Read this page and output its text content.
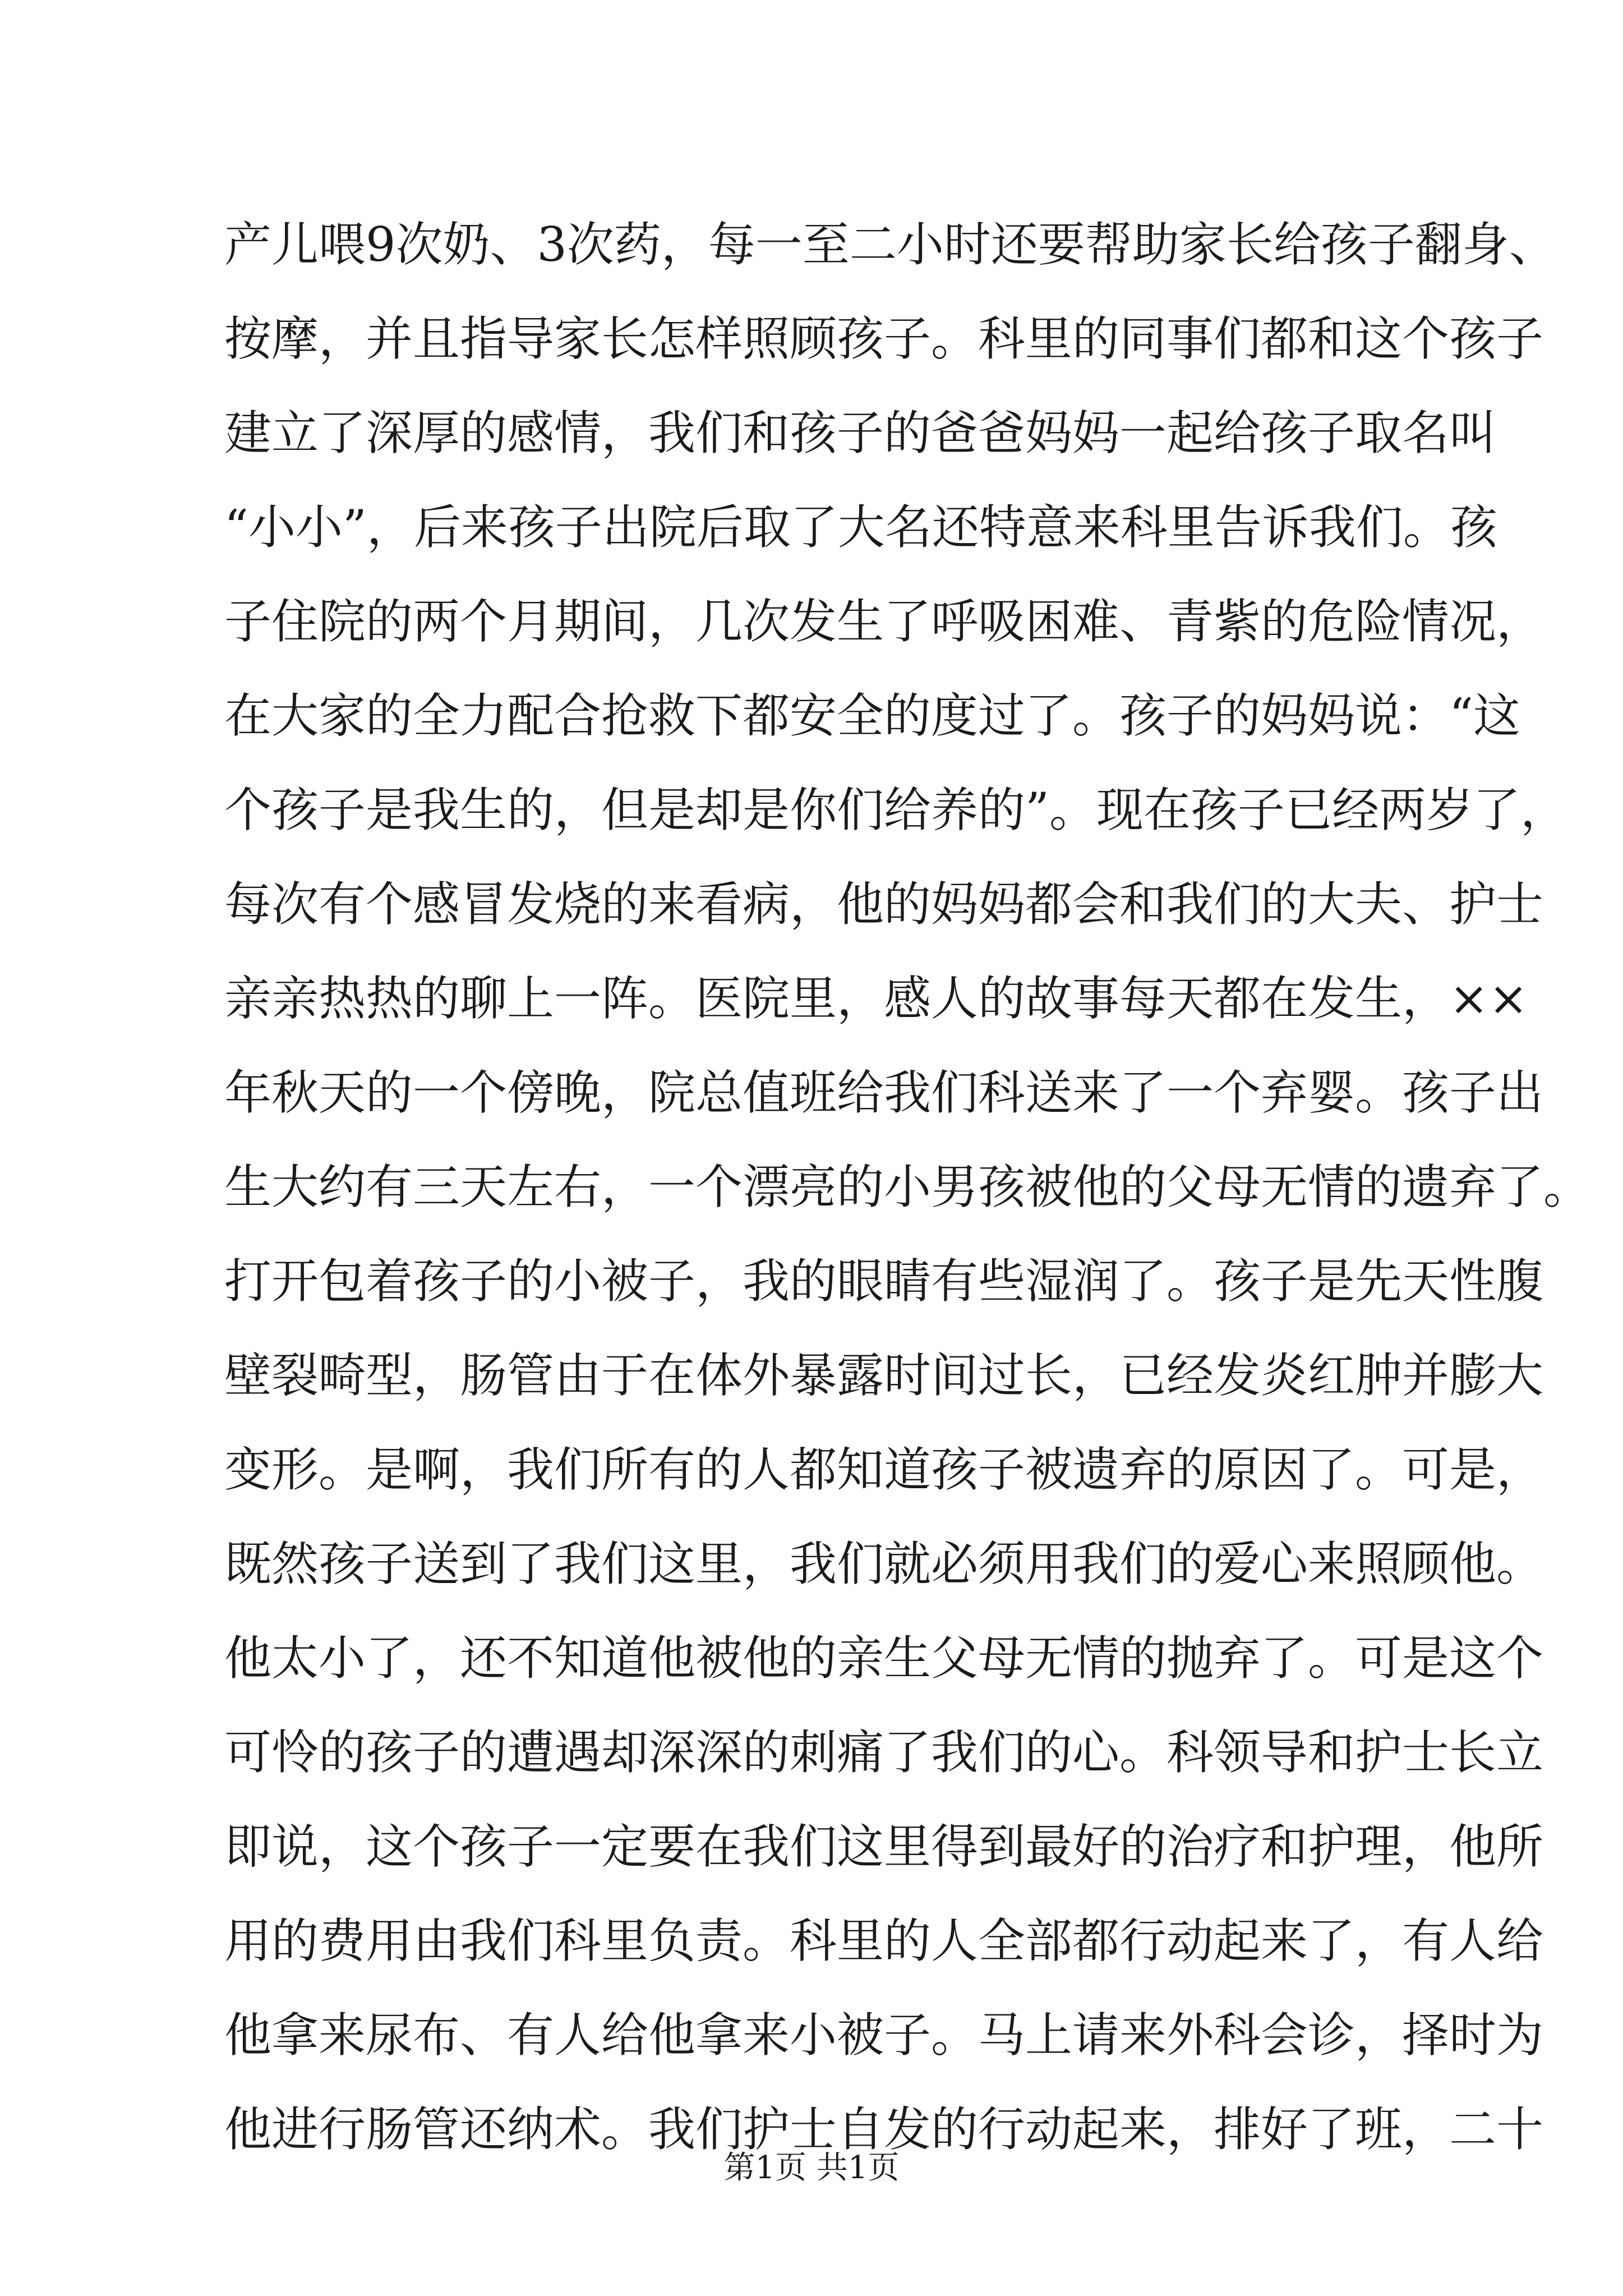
产儿喂9次奶、3次药，每一至二小时还要帮助家长给孩子翻身、
按摩，并且指导家长怎样照顾孩子。科里的同事们都和这个孩子
建立了深厚的感情，我们和孩子的爸爸妈妈一起给孩子取名叫
“小小”，后来孩子出院后取了大名还特意来科里告诉我们。孩
子住院的两个月期间，几次发生了呼吸困难、青紫的危险情况，
在大家的全力配合抢救下都安全的度过了。孩子的妈妈说：“这
个孩子是我生的，但是却是你们给养的”。现在孩子已经两岁了，
每次有个感冒发烧的来看病，他的妈妈都会和我们的大夫、护士
亲亲热热的聊上一阵。医院里，感人的故事每天都在发生，××
年秋天的一个傍晚，院总值班给我们科送来了一个弃婴。孩子出
生大约有三天左右，一个漂亮的小男孩被他的父母无情的遗弃了。
打开包着孩子的小被子，我的眼睛有些湿润了。孩子是先天性腹
壁裂畸型，肠管由于在体外暴露时间过长，已经发炎红肿并膨大
变形。是啊，我们所有的人都知道孩子被遗弃的原因了。可是，
既然孩子送到了我们这里，我们就必须用我们的爱心来照顾他。
他太小了，还不知道他被他的亲生父母无情的抛弃了。可是这个
可怜的孩子的遭遇却深深的刺痛了我们的心。科领导和护士长立
即说，这个孩子一定要在我们这里得到最好的治疗和护理，他所
用的费用由我们科里负责。科里的人全部都行动起来了，有人给
他拿来尿布、有人给他拿来小被子。马上请来外科会诊，择时为
他进行肠管还纳术。我们护士自发的行动起来，排好了班，二十
第1页 共1页
